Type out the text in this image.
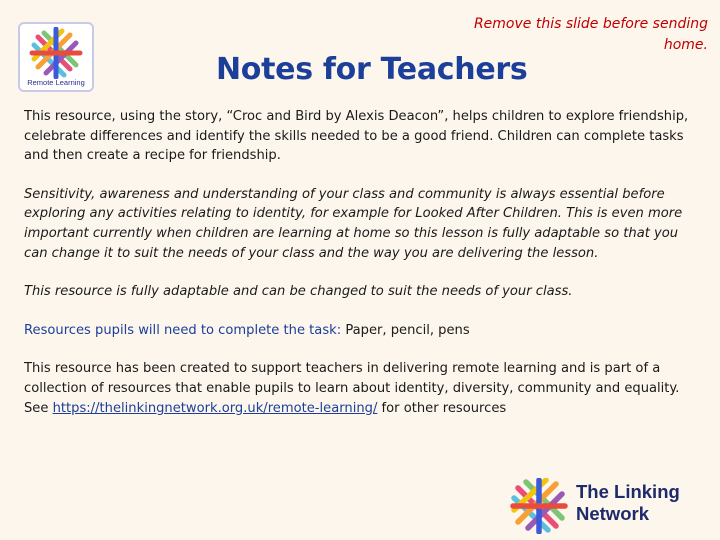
Remote Learning	Notes for Teachers
Remove this slide before sending home.

This resource, using the story, “Croc and Bird by Alexis Deacon”, helps children to explore friendship, celebrate differences and identify the skills needed to be a good friend. Children can complete tasks and then create a recipe for friendship.

Sensitivity, awareness and understanding of your class and community is always essential before exploring any activities relating to identity, for example for Looked After Children. This is even more important currently when children are learning at home so this lesson is fully adaptable so that you can change it to suit the needs of your class and the way you are delivering the lesson.

This resource is fully adaptable and can be changed to suit the needs of your class.

Resources pupils will need to complete the task: Paper, pencil, pens

This resource has been created to support teachers in delivering remote learning and is part of a collection of resources that enable pupils to learn about identity, diversity, community and equality. See https://thelinkingnetwork.org.uk/remote-learning/ for other resources

The Linking
Network
